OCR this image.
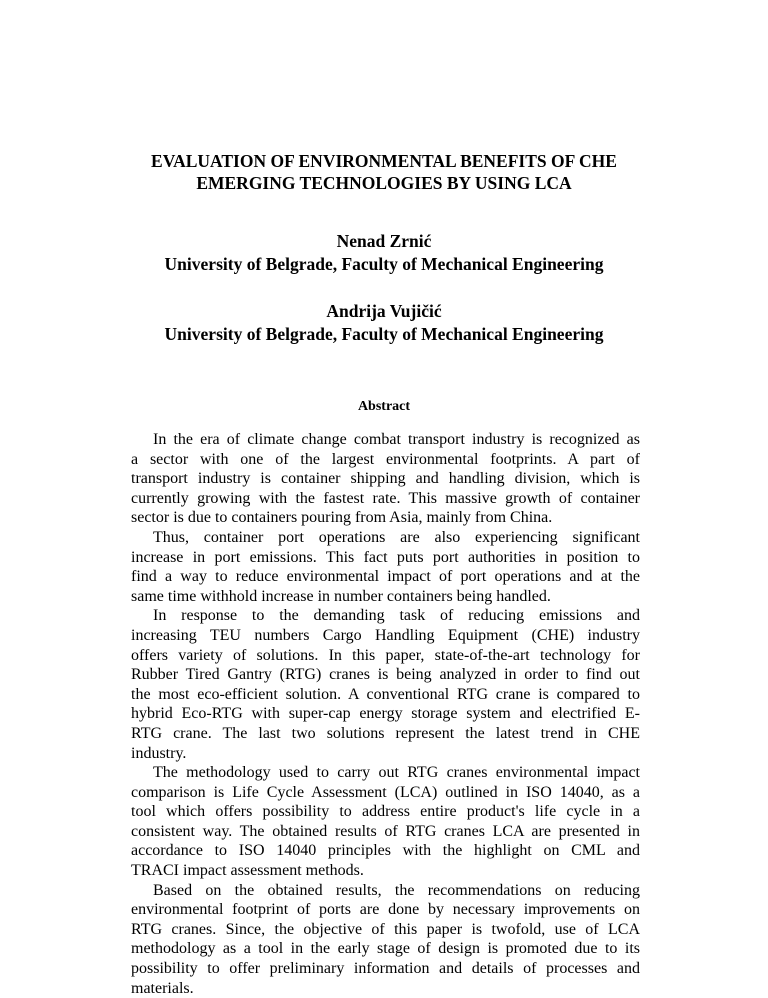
EVALUATION OF ENVIRONMENTAL BENEFITS OF CHE
EMERGING TECHNOLOGIES BY USING LCA
Nenad Zrnić
University of Belgrade, Faculty of Mechanical Engineering
Andrija Vujičić
University of Belgrade, Faculty of Mechanical Engineering
Abstract
In the era of climate change combat transport industry is recognized as
a sector with one of the largest environmental footprints. A part of
transport industry is container shipping and handling division, which is
currently growing with the fastest rate. This massive growth of container
sector is due to containers pouring from Asia, mainly from China.
Thus, container port operations are also experiencing significant
increase in port emissions. This fact puts port authorities in position to
find a way to reduce environmental impact of port operations and at the
same time withhold increase in number containers being handled.
In response to the demanding task of reducing emissions and
increasing TEU numbers Cargo Handling Equipment (CHE) industry
offers variety of solutions. In this paper, state-of-the-art technology for
Rubber Tired Gantry (RTG) cranes is being analyzed in order to find out
the most eco-efficient solution. A conventional RTG crane is compared to
hybrid Eco-RTG with super-cap energy storage system and electrified E-
RTG crane. The last two solutions represent the latest trend in CHE
industry.
The methodology used to carry out RTG cranes environmental impact
comparison is Life Cycle Assessment (LCA) outlined in ISO 14040, as a
tool which offers possibility to address entire product's life cycle in a
consistent way. The obtained results of RTG cranes LCA are presented in
accordance to ISO 14040 principles with the highlight on CML and
TRACI impact assessment methods.
Based on the obtained results, the recommendations on reducing
environmental footprint of ports are done by necessary improvements on
RTG cranes. Since, the objective of this paper is twofold, use of LCA
methodology as a tool in the early stage of design is promoted due to its
possibility to offer preliminary information and details of processes and
materials.
